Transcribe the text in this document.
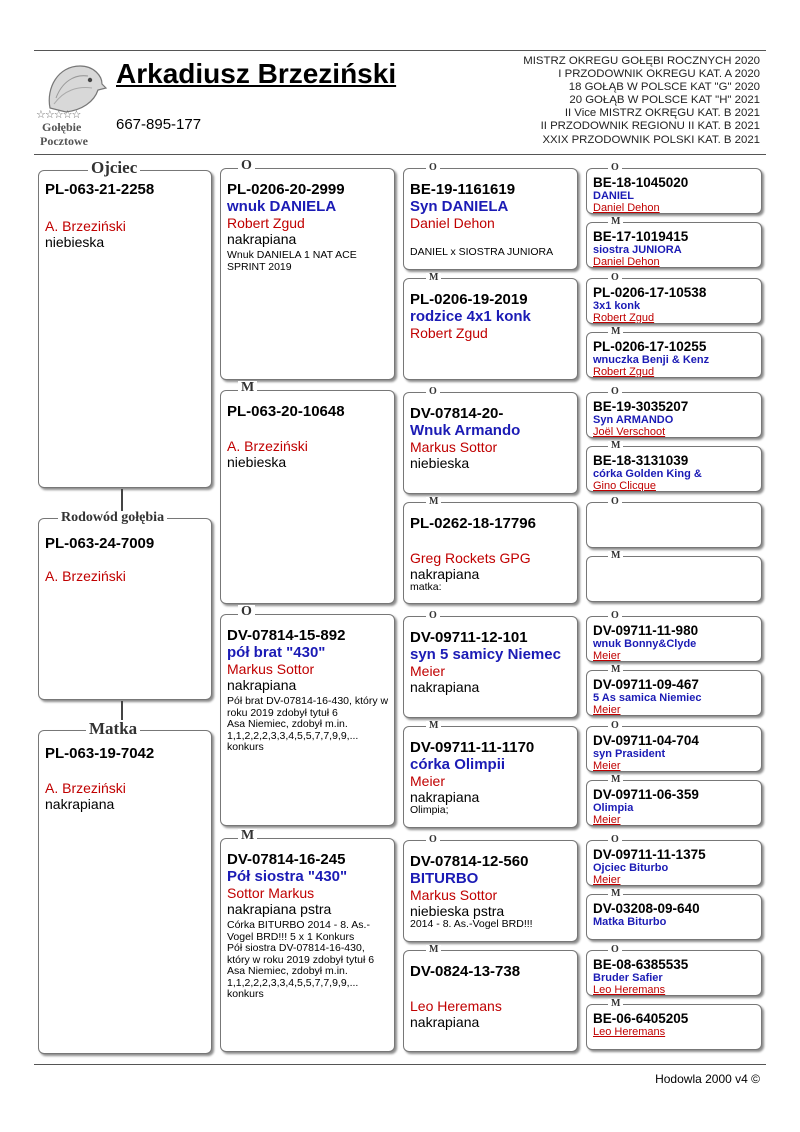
☆☆☆☆☆
Gołębie
Pocztowe
Arkadiusz Brzeziński
667-895-177
MISTRZ OKREGU GOŁĘBI ROCZNYCH 2020
I PRZODOWNIK OKREGU KAT. A 2020
18 GOŁĄB W POLSCE KAT "G" 2020
20 GOŁĄB W POLSCE KAT "H" 2021
II Vice MISTRZ OKRĘGU KAT. B 2021
II PRZODOWNIK REGIONU II KAT. B 2021
XXIX PRZODOWNIK POLSKI KAT. B 2021
PL-063-21-2258
A. Brzeziński
niebieska
Ojciec
PL-063-24-7009
A. Brzeziński
Rodowód gołębia
PL-063-19-7042
A. Brzeziński
nakrapiana
Matka
PL-0206-20-2999
wnuk DANIELA
Robert Zgud
nakrapiana
Wnuk DANIELA 1 NAT ACE SPRINT 2019
O
PL-063-20-10648
A. Brzeziński
niebieska
M
DV-07814-15-892
pół brat "430"
Markus Sottor
nakrapiana
Pół brat DV-07814-16-430, który w roku 2019 zdobył tytuł 6
Asa Niemiec, zdobył m.in. 1,1,2,2,2,3,3,4,5,5,7,7,9,9,... konkurs
O
DV-07814-16-245
Pół siostra "430"
Sottor Markus
nakrapiana pstra
Córka BITURBO 2014 - 8. As.-Vogel BRD!!! 5 x 1 Konkurs
Pół siostra DV-07814-16-430, który w roku 2019 zdobył tytuł 6
Asa Niemiec, zdobył m.in. 1,1,2,2,2,3,3,4,5,5,7,7,9,9,... konkurs
M
BE-19-1161619
Syn DANIELA
Daniel Dehon
DANIEL x SIOSTRA JUNIORA
O
PL-0206-19-2019
rodzice 4x1 konk
Robert Zgud
M
DV-07814-20-
Wnuk Armando
Markus Sottor
niebieska
O
PL-0262-18-17796
Greg Rockets GPG
nakrapiana
matka:
M
DV-09711-12-101
syn 5 samicy Niemec
Meier
nakrapiana
O
DV-09711-11-1170
córka Olimpii
Meier
nakrapiana
Olimpia;
M
DV-07814-12-560
BITURBO
Markus Sottor
niebieska pstra
2014 - 8. As.-Vogel BRD!!!
O
DV-0824-13-738
Leo Heremans
nakrapiana
M
BE-18-1045020
DANIEL
Daniel Dehon
O
BE-17-1019415
siostra JUNIORA
Daniel Dehon
M
PL-0206-17-10538
3x1 konk
Robert Zgud
O
PL-0206-17-10255
wnuczka Benji & Kenz
Robert Zgud
M
BE-19-3035207
Syn ARMANDO
Joël Verschoot
O
BE-18-3131039
córka Golden King &
Gino Clicque
M
O
M
DV-09711-11-980
wnuk Bonny&Clyde
Meier
O
DV-09711-09-467
5 As samica Niemiec
Meier
M
DV-09711-04-704
syn Prasident
Meier
O
DV-09711-06-359
Olimpia
Meier
M
DV-09711-11-1375
Ojciec Biturbo
Meier
O
DV-03208-09-640
Matka Biturbo
M
BE-08-6385535
Bruder Safier
Leo Heremans
O
BE-06-6405205
Leo Heremans
M
Hodowla 2000 v4 ©
